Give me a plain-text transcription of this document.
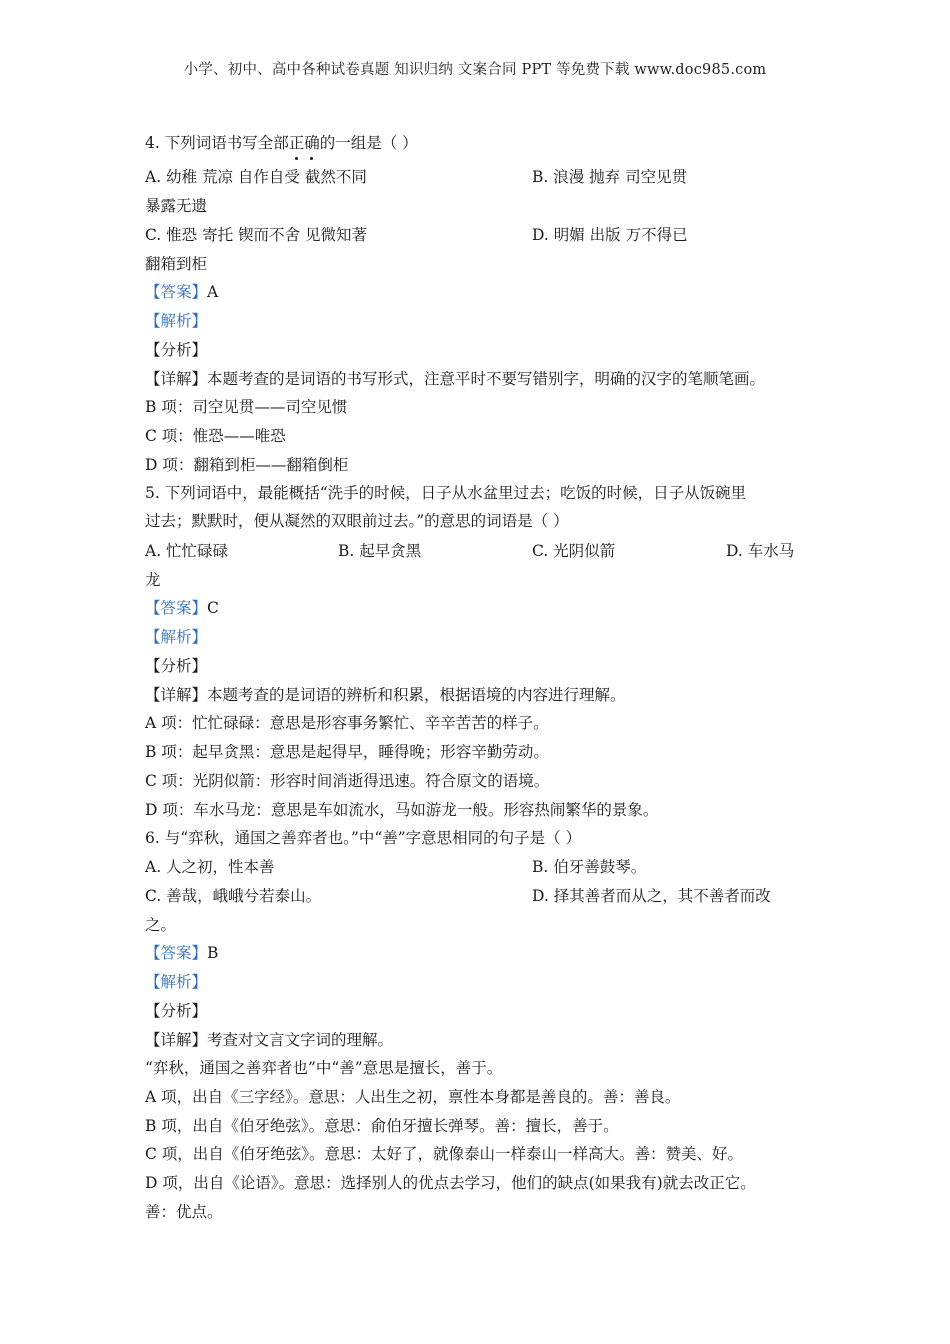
小学、初中、高中各种试卷真题 知识归纳 文案合同 PPT 等免费下载 www.doc985.com
4. 下列词语书写全部正确的一组是（ ）
A. 幼稚 荒凉 自作自受 截然不同	B. 浪漫 抛弃 司空见贯
暴露无遗
C. 惟恐 寄托 锲而不舍 见微知著	D. 明媚 出版 万不得已
翻箱到柜
【答案】A
【解析】
【分析】
【详解】本题考查的是词语的书写形式，注意平时不要写错别字，明确的汉字的笔顺笔画。
B 项：司空见贯——司空见惯
C 项：惟恐——唯恐
D 项：翻箱到柜——翻箱倒柜
5. 下列词语中，最能概括“洗手的时候，日子从水盆里过去；吃饭的时候，日子从饭碗里
过去；默默时，便从凝然的双眼前过去。”的意思的词语是（ ）
A. 忙忙碌碌	B. 起早贪黑	C. 光阴似箭	D. 车水马
龙
【答案】C
【解析】
【分析】
【详解】本题考查的是词语的辨析和积累，根据语境的内容进行理解。
A 项：忙忙碌碌：意思是形容事务繁忙、辛辛苦苦的样子。
B 项：起早贪黑：意思是起得早，睡得晚；形容辛勤劳动。
C 项：光阴似箭：形容时间消逝得迅速。符合原文的语境。
D 项：车水马龙：意思是车如流水，马如游龙一般。形容热闹繁华的景象。
6. 与“弈秋，通国之善弈者也。”中“善”字意思相同的句子是（ ）
A. 人之初，性本善	B. 伯牙善鼓琴。
C. 善哉，峨峨兮若泰山。	D. 择其善者而从之，其不善者而改
之。
【答案】B
【解析】
【分析】
【详解】考查对文言文字词的理解。
“弈秋，通国之善弈者也”中“善”意思是擅长，善于。
A 项，出自《三字经》。意思：人出生之初，禀性本身都是善良的。善：善良。
B 项，出自《伯牙绝弦》。意思：俞伯牙擅长弹琴。善：擅长，善于。
C 项，出自《伯牙绝弦》。意思：太好了，就像泰山一样泰山一样高大。善：赞美、好。
D 项，出自《论语》。意思：选择别人的优点去学习，他们的缺点(如果我有)就去改正它。
善：优点。
